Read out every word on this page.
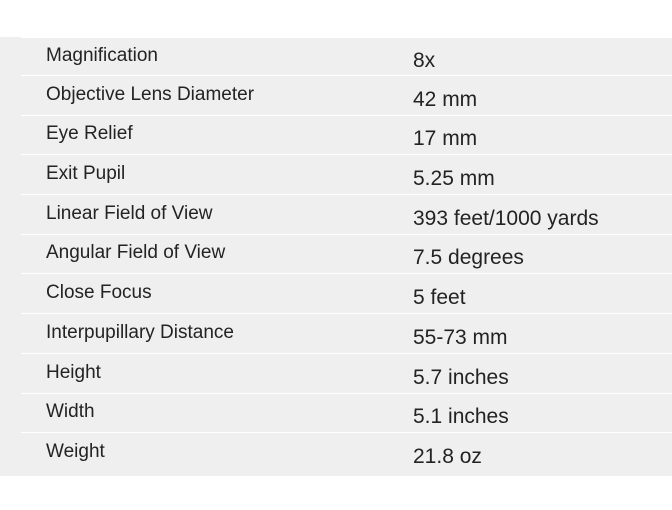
Magnification	8x
Objective Lens Diameter	42 mm
Eye Relief	17 mm
Exit Pupil	5.25 mm
Linear Field of View	393 feet/1000 yards
Angular Field of View	7.5 degrees
Close Focus	5 feet
Interpupillary Distance	55-73 mm
Height	5.7 inches
Width	5.1 inches
Weight	21.8 oz
